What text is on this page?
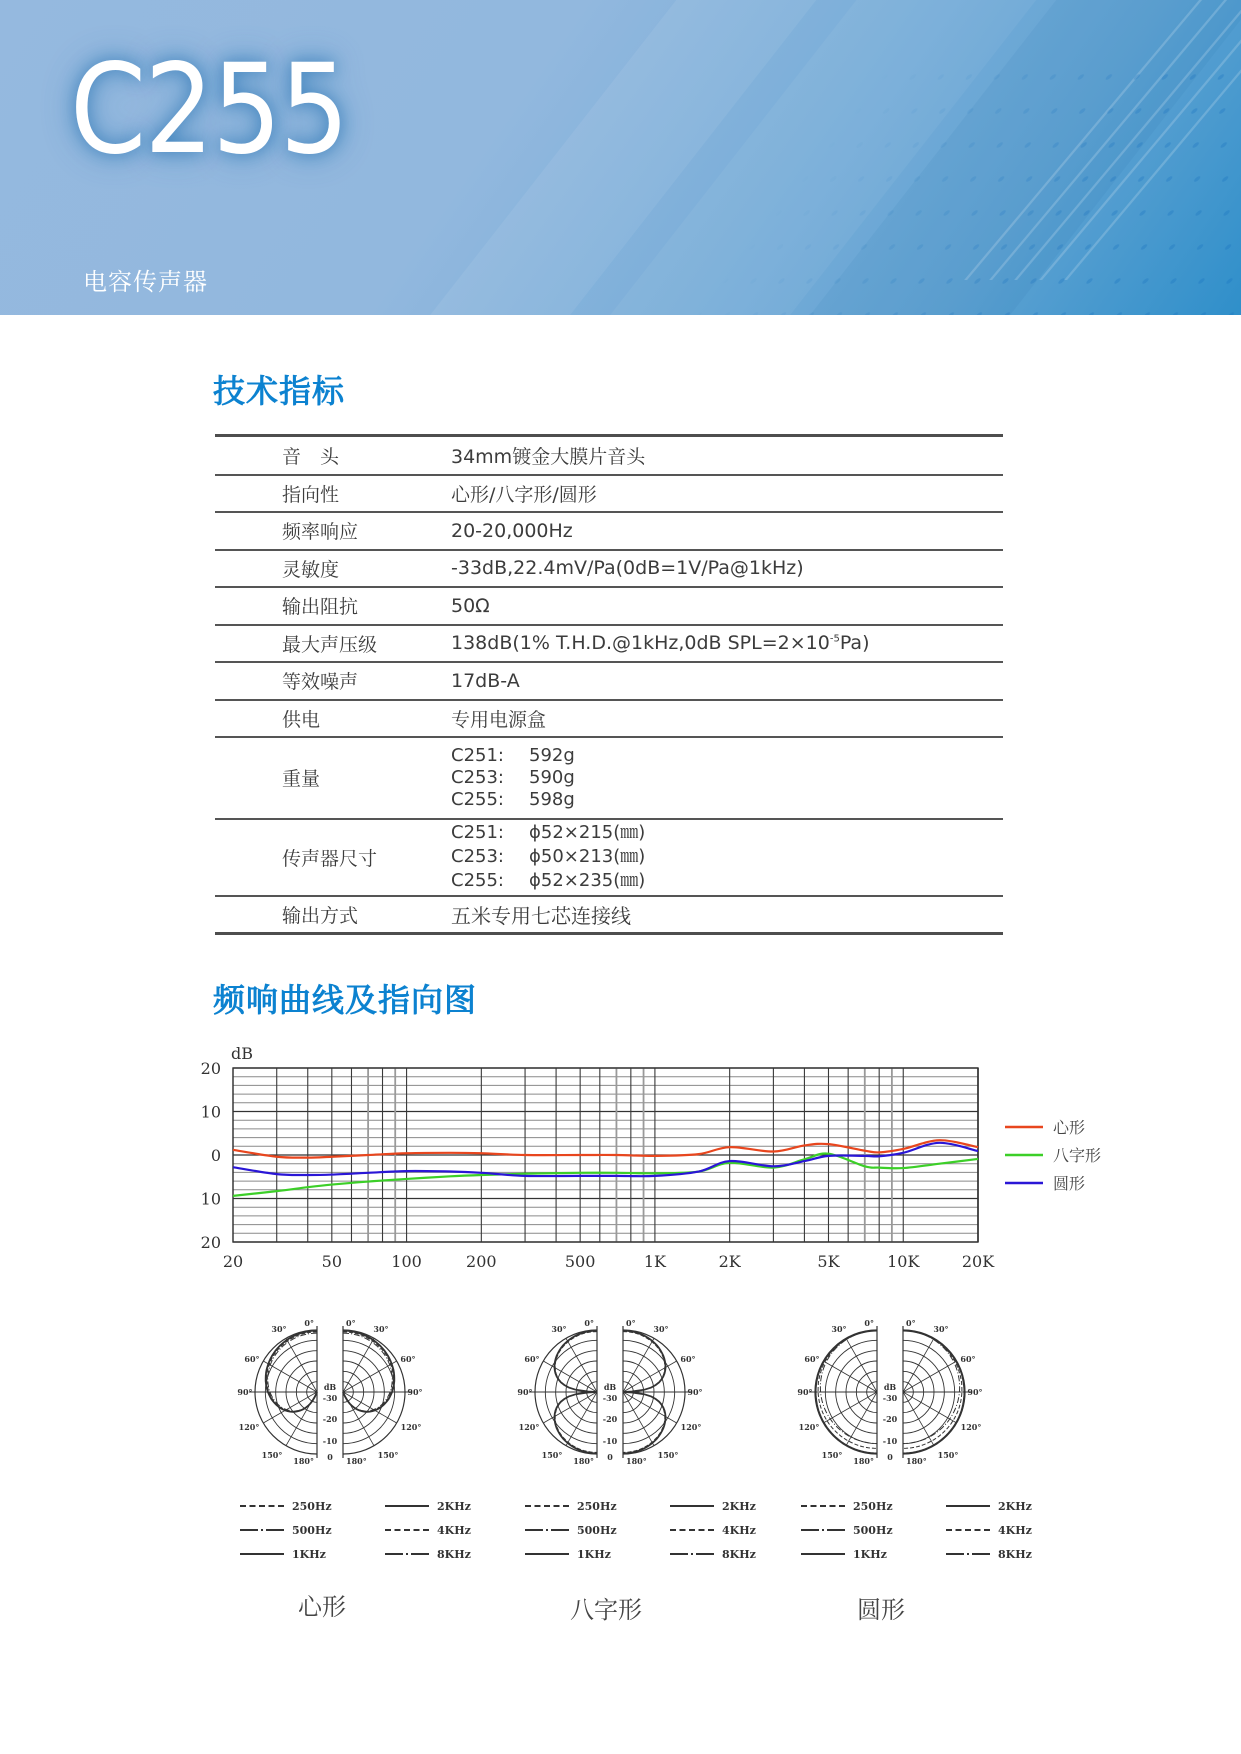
C255
电容传声器
技术指标
音　头	34mm镀金大膜片音头
指向性	心形/八字形/圆形
频率响应	20-20,000Hz
灵敏度	-33dB,22.4mV/Pa(0dB=1V/Pa@1kHz)
输出阻抗	50Ω
最大声压级	138dB(1% T.H.D.@1kHz,0dB $SPL=2\times 10^{-5}Pa$)
等效噪声	17dB-A
供电	专用电源盒
重量	
C251:	592g
C253:	590g
C255:	598g

传声器尺寸	
C251:	ϕ52×215(㎜)
C253:	ϕ50×213(㎜)
C255:	ϕ52×235(㎜)

输出方式	五米专用七芯连接线
频响曲线及指向图
dB
20
10
0
10
20
20	50	100	200	500	1K	2K	5K	10K	20K
心形
八字形
圆形
0°	0°
30°	30°
60°	60°
90°	90°
120°	120°
150°	150°
180°	180°
dB
-30
-20
-10
0
0°	0°
30°	30°
60°	60°
90°	90°
120°	120°
150°	150°
180°	180°
dB
-30
-20
-10
0
0°	0°
30°	30°
60°	60°
90°	90°
120°	120°
150°	150°
180°	180°
dB
-30
-20
-10
0
250Hz	2KHz
500Hz	4KHz
1KHz	8KHz
250Hz	2KHz
500Hz	4KHz
1KHz	8KHz
250Hz	2KHz
500Hz	4KHz
1KHz	8KHz
心形	八字形	圆形
